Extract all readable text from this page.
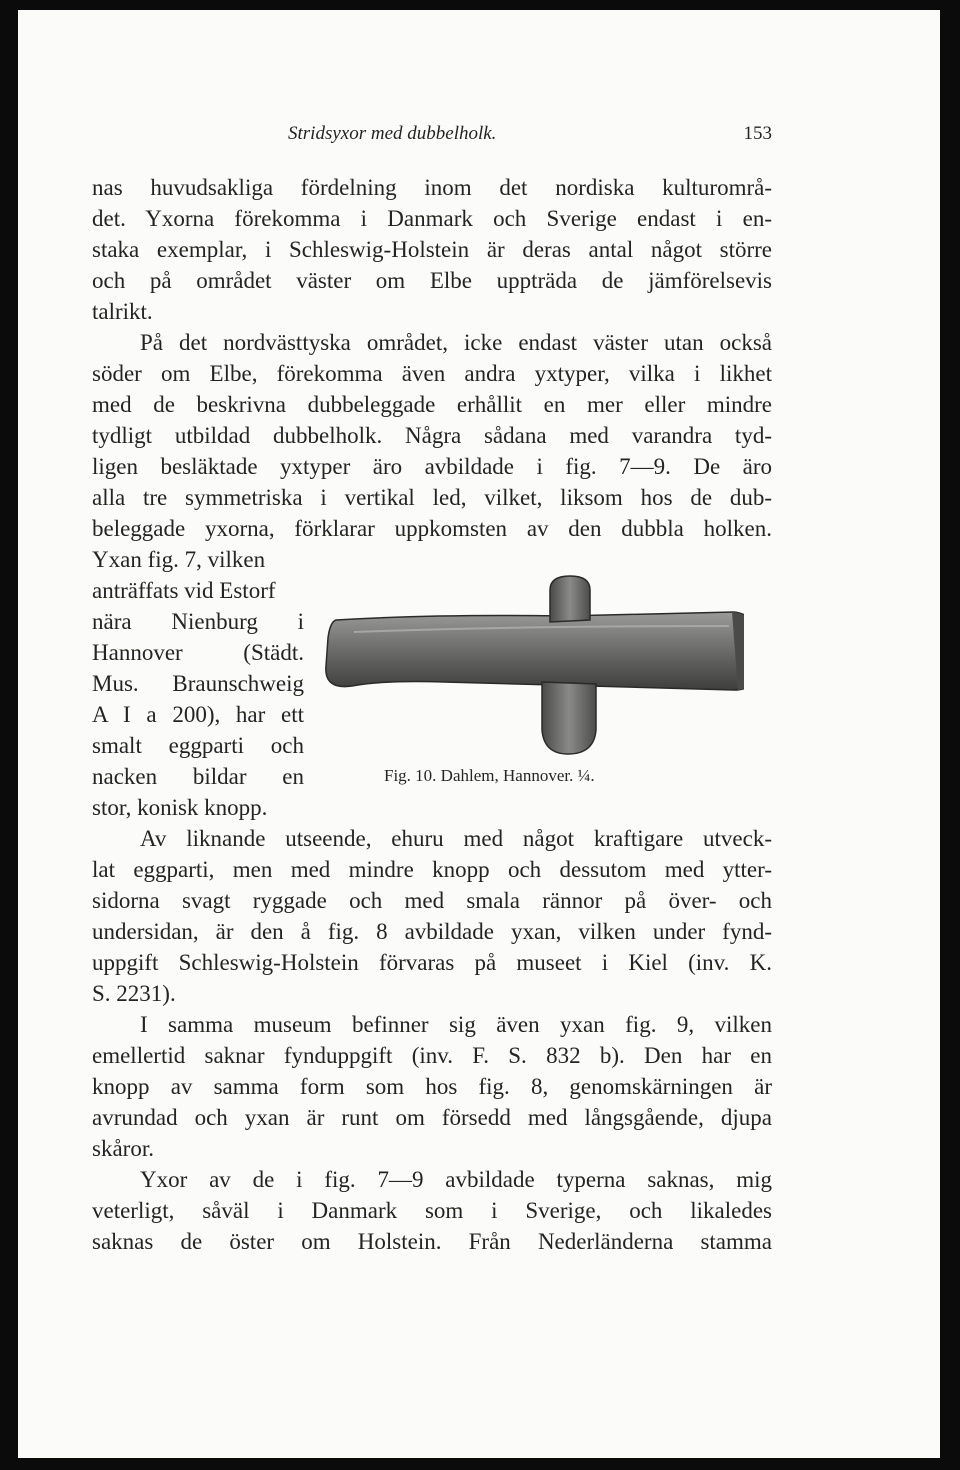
Stridsyxor med dubbelholk.	153
nas huvudsakliga fördelning inom det nordiska kulturområ-
det. Yxorna förekomma i Danmark och Sverige endast i en-
staka exemplar, i Schleswig-Holstein är deras antal något större
och på området väster om Elbe uppträda de jämförelsevis
talrikt.
På det nordvästtyska området, icke endast väster utan också
söder om Elbe, förekomma även andra yxtyper, vilka i likhet
med de beskrivna dubbeleggade erhållit en mer eller mindre
tydligt utbildad dubbelholk. Några sådana med varandra tyd-
ligen besläktade yxtyper äro avbildade i fig. 7—9. De äro
alla tre symmetriska i vertikal led, vilket, liksom hos de dub-
beleggade yxorna, förklarar uppkomsten av den dubbla holken.
Yxan fig. 7, vilken
anträffats vid Estorf
nära Nienburg i
Hannover (Städt.
Mus. Braunschweig
A I a 200), har ett
smalt eggparti och
nacken bildar en
stor, konisk knopp.
Av liknande utseende, ehuru med något kraftigare utveck-
lat eggparti, men med mindre knopp och dessutom med ytter-
sidorna svagt ryggade och med smala rännor på över- och
undersidan, är den å fig. 8 avbildade yxan, vilken under fynd-
uppgift Schleswig-Holstein förvaras på museet i Kiel (inv. K.
S. 2231).
I samma museum befinner sig även yxan fig. 9, vilken
emellertid saknar fynduppgift (inv. F. S. 832 b). Den har en
knopp av samma form som hos fig. 8, genomskärningen är
avrundad och yxan är runt om försedd med långsgående, djupa
skåror.
Yxor av de i fig. 7—9 avbildade typerna saknas, mig
veterligt, såväl i Danmark som i Sverige, och likaledes
saknas de öster om Holstein. Från Nederländerna stamma
Fig. 10. Dahlem, Hannover. ¼.
